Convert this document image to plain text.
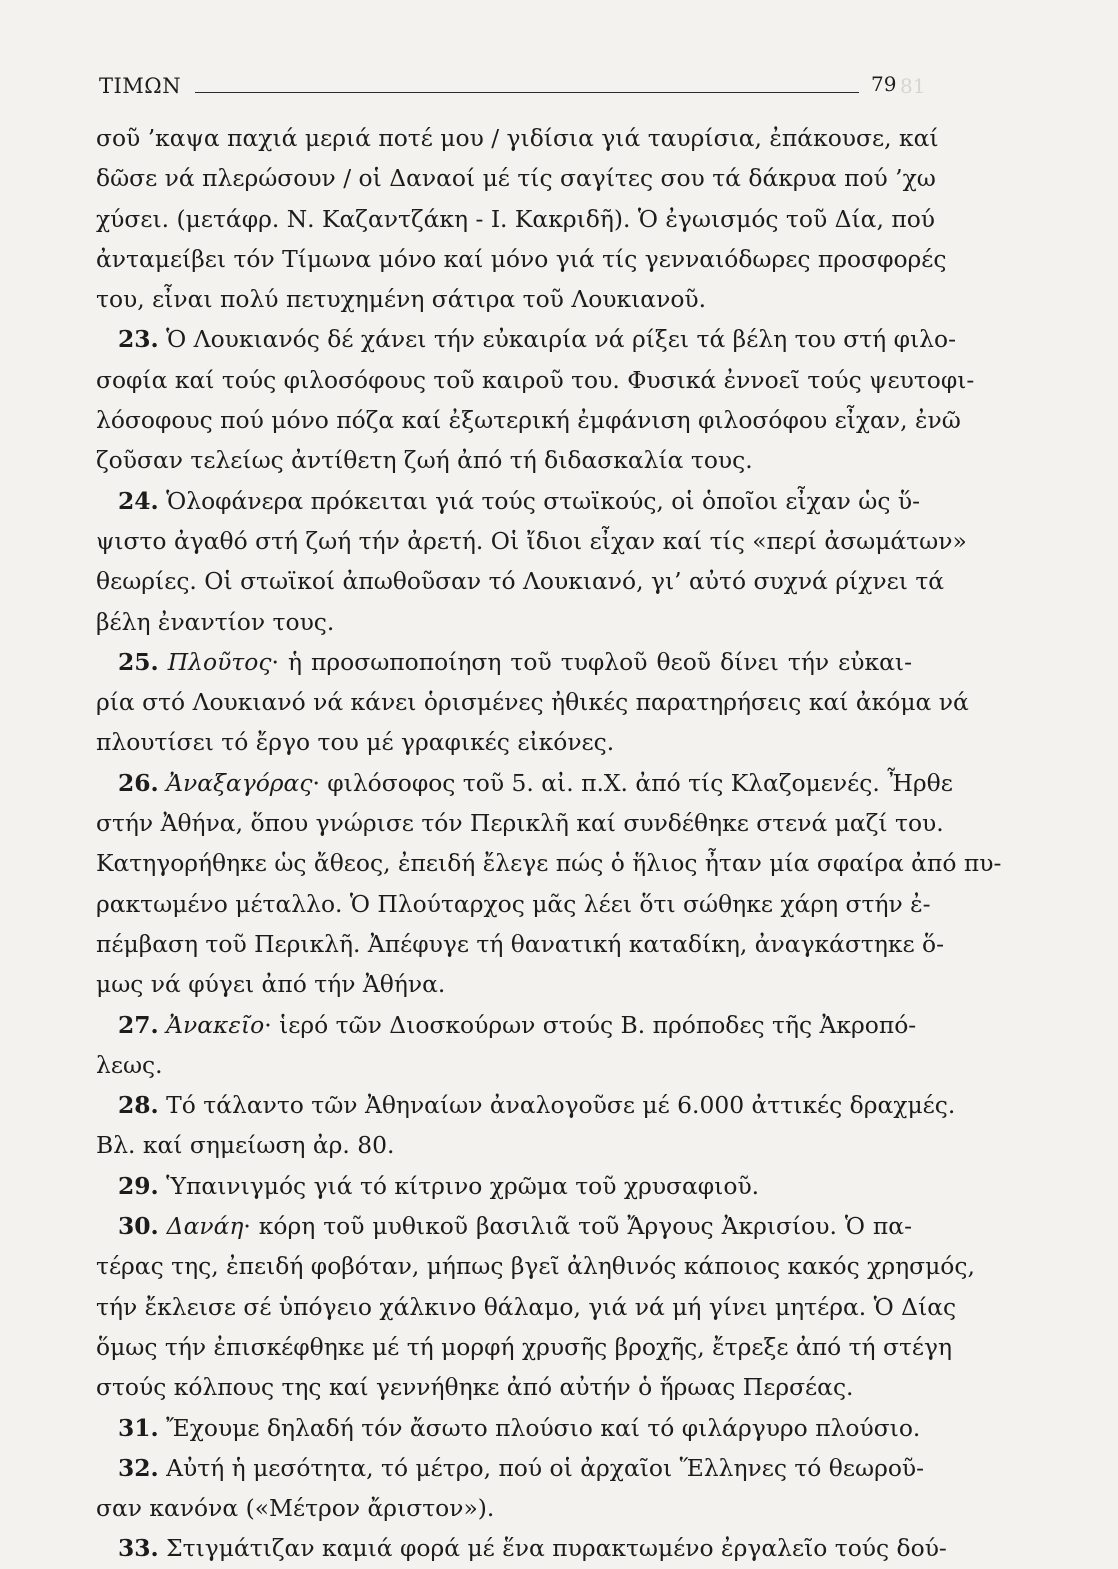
ΤΙΜΩΝ	79 81
σοῦ ’καψα παχιά μεριά ποτέ μου / γιδίσια γιά ταυρίσια, ἐπάκουσε, καί
δῶσε νά πλερώσουν / οἱ Δαναοί μέ τίς σαγίτες σου τά δάκρυα πού ’χω
χύσει. (μετάφρ. Ν. Καζαντζάκη - Ι. Κακριδῆ). Ὁ ἐγωισμός τοῦ Δία, πού
ἀνταμείβει τόν Τίμωνα μόνο καί μόνο γιά τίς γενναιόδωρες προσφορές
του, εἶναι πολύ πετυχημένη σάτιρα τοῦ Λουκιανοῦ.
23. Ὁ Λουκιανός δέ χάνει τήν εὐκαιρία νά ρίξει τά βέλη του στή φιλο-
σοφία καί τούς φιλοσόφους τοῦ καιροῦ του. Φυσικά ἐννοεῖ τούς ψευτοφι-
λόσοφους πού μόνο πόζα καί ἐξωτερική ἐμφάνιση φιλοσόφου εἶχαν, ἐνῶ
ζοῦσαν τελείως ἀντίθετη ζωή ἀπό τή διδασκαλία τους.
24. Ὁλοφάνερα πρόκειται γιά τούς στωϊκούς, οἱ ὁποῖοι εἶχαν ὡς ὕ-
ψιστο ἀγαθό στή ζωή τήν ἀρετή. Οἱ ἴδιοι εἶχαν καί τίς «περί ἀσωμάτων»
θεωρίες. Οἱ στωϊκοί ἀπωθοῦσαν τό Λουκιανό, γι’ αὐτό συχνά ρίχνει τά
βέλη ἐναντίον τους.
25. Πλοῦτος· ἡ προσωποποίηση τοῦ τυφλοῦ θεοῦ δίνει τήν εὐκαι-
ρία στό Λουκιανό νά κάνει ὁρισμένες ἠθικές παρατηρήσεις καί ἀκόμα νά
πλουτίσει τό ἔργο του μέ γραφικές εἰκόνες.
26. Ἀναξαγόρας· φιλόσοφος τοῦ 5. αἰ. π.Χ. ἀπό τίς Κλαζομενές. Ἦρθε
στήν Ἀθήνα, ὅπου γνώρισε τόν Περικλῆ καί συνδέθηκε στενά μαζί του.
Κατηγορήθηκε ὡς ἄθεος, ἐπειδή ἔλεγε πώς ὁ ἥλιος ἦταν μία σφαίρα ἀπό πυ-
ρακτωμένο μέταλλο. Ὁ Πλούταρχος μᾶς λέει ὅτι σώθηκε χάρη στήν ἐ-
πέμβαση τοῦ Περικλῆ. Ἀπέφυγε τή θανατική καταδίκη, ἀναγκάστηκε ὅ-
μως νά φύγει ἀπό τήν Ἀθήνα.
27. Ἀνακεῖο· ἱερό τῶν Διοσκούρων στούς Β. πρόποδες τῆς Ἀκροπό-
λεως.
28. Τό τάλαντο τῶν Ἀθηναίων ἀναλογοῦσε μέ 6.000 ἀττικές δραχμές.
Βλ. καί σημείωση ἀρ. 80.
29. Ὑπαινιγμός γιά τό κίτρινο χρῶμα τοῦ χρυσαφιοῦ.
30. Δανάη· κόρη τοῦ μυθικοῦ βασιλιᾶ τοῦ Ἄργους Ἀκρισίου. Ὁ πα-
τέρας της, ἐπειδή φοβόταν, μήπως βγεῖ ἀληθινός κάποιος κακός χρησμός,
τήν ἔκλεισε σέ ὑπόγειο χάλκινο θάλαμο, γιά νά μή γίνει μητέρα. Ὁ Δίας
ὅμως τήν ἐπισκέφθηκε μέ τή μορφή χρυσῆς βροχῆς, ἔτρεξε ἀπό τή στέγη
στούς κόλπους της καί γεννήθηκε ἀπό αὐτήν ὁ ἥρωας Περσέας.
31. Ἔχουμε δηλαδή τόν ἄσωτο πλούσιο καί τό φιλάργυρο πλούσιο.
32. Αὐτή ἡ μεσότητα, τό μέτρο, πού οἱ ἀρχαῖοι Ἕλληνες τό θεωροῦ-
σαν κανόνα («Μέτρον ἄριστον»).
33. Στιγμάτιζαν καμιά φορά μέ ἕνα πυρακτωμένο ἐργαλεῖο τούς δού-
